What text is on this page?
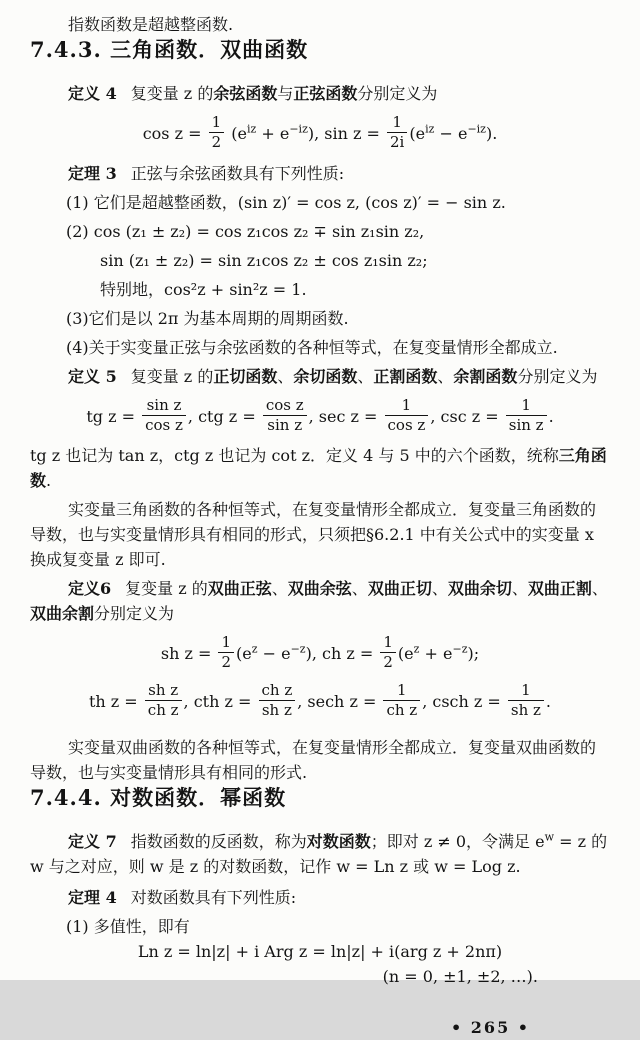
指数函数是超越整函数.

7.4.3. 三角函数．双曲函数

定义 4 复变量 z 的余弦函数与正弦函数分别定义为

$\cos z = \frac{1}{2} (e^{iz} + e^{-iz})$, $\sin z = \frac{1}{2i} (e^{iz} - e^{-iz})$.

定理 3 正弦与余弦函数具有下列性质:

(1) 它们是超越整函数，(sin z)′ = cos z, (cos z)′ = − sin z.

(2) cos (z₁ ± z₂) = cos z₁cos z₂ ∓ sin z₁sin z₂,

sin (z₁ ± z₂) = sin z₁cos z₂ ± cos z₁sin z₂;

特别地，cos²z + sin²z = 1.

(3)它们是以 2π 为基本周期的周期函数.

(4)关于实变量正弦与余弦函数的各种恒等式，在复变量情形全都成立.

定义 5 复变量 z 的正切函数、余切函数、正割函数、余割函数分别定义为

tg $z = \frac{\text{sin z}}{\text{cos z}}$ , ctg $z = \frac{\text{cos z}}{\text{sin z}}$ , $\sec z = \frac{1}{\text{cos z}}$ , $\csc z = \frac{1}{\text{sin z}}$ .

tg z 也记为 tan z，ctg z 也记为 cot z．定义 4 与 5 中的六个函数，统称三角函数.

实变量三角函数的各种恒等式，在复变量情形全都成立．复变量三角函数的导数，也与实变量情形具有相同的形式，只须把§6.2.1 中有关公式中的实变量 x 换成复变量 z 即可.

定义6 复变量 z 的双曲正弦、双曲余弦、双曲正切、双曲余切、双曲正割、双曲余割分别定义为

sh $z = \frac{1}{2} (e^z - e^{-z})$, ch $z = \frac{1}{2} (e^z + e^{-z})$;
th $z = \frac{\text{sh z}}{\text{ch z}}$ , cth $z = \frac{\text{ch z}}{\text{sh z}}$ , sech $z = \frac{1}{\text{ch z}}$ , csch $z = \frac{1}{\text{sh z}}$ .

实变量双曲函数的各种恒等式，在复变量情形全都成立．复变量双曲函数的导数，也与实变量情形具有相同的形式.

7.4.4. 对数函数．幂函数

定义 7 指数函数的反函数，称为对数函数；即对 z ≠ 0，令满足 $e^w = z$ 的 w 与之对应，则 w 是 z 的对数函数，记作 w = Ln z 或 w = Log z.

定理 4 对数函数具有下列性质:

(1) 多值性，即有

Ln z = ln|z| + i Arg z = ln|z| + i(arg z + 2nπ)
(n = 0, ±1, ±2, …).
• 265 •
